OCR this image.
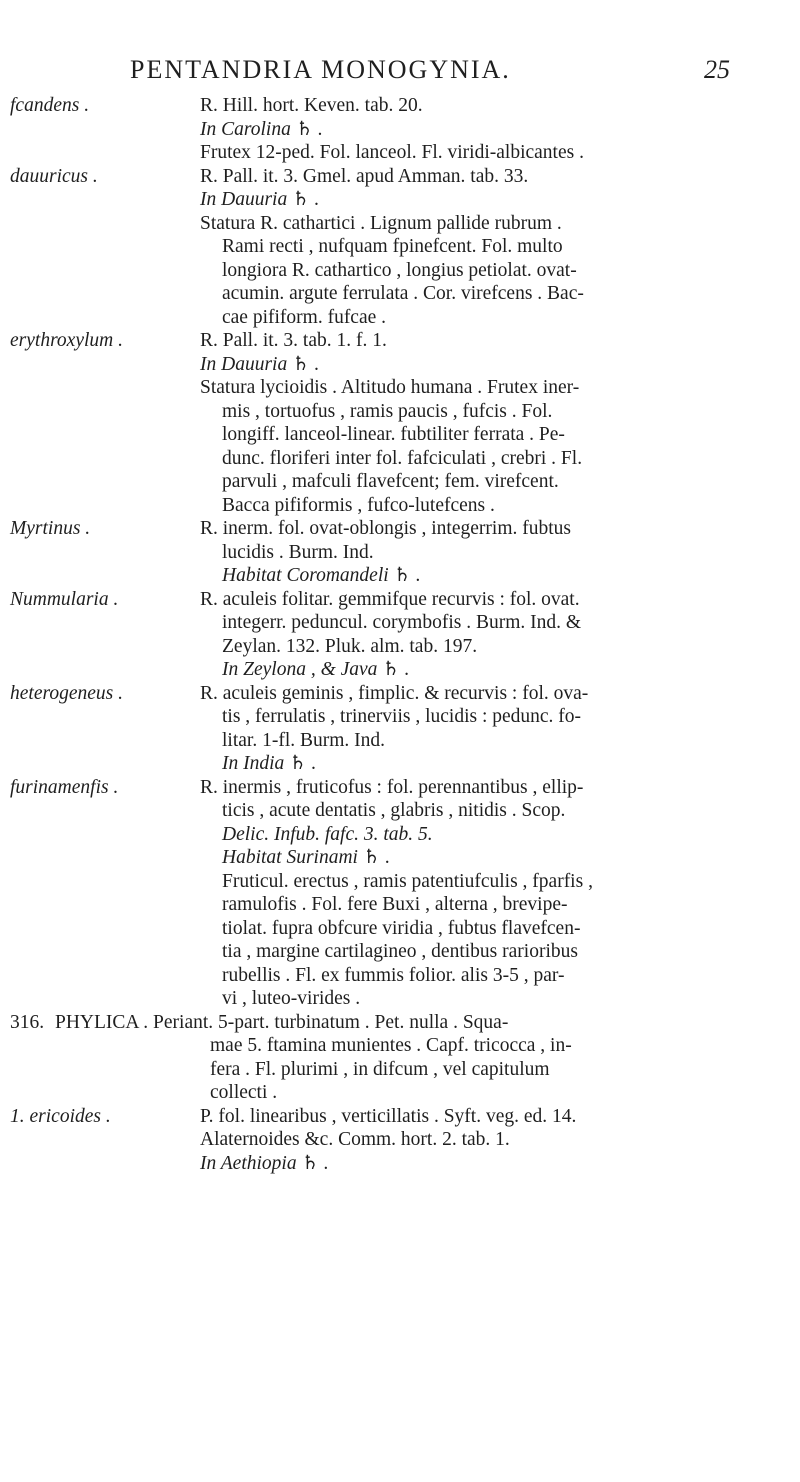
PENTANDRIA MONOGYNIA.	25
fcandens .	R. Hill. hort. Keven. tab. 20.
In Carolina ♄ .
Frutex 12-ped. Fol. lanceol. Fl. viridi-albicantes .
dauuricus .	R. Pall. it. 3. Gmel. apud Amman. tab. 33.
In Dauuria ♄ .
Statura R. cathartici . Lignum pallide rubrum .
Rami recti , nufquam fpinefcent. Fol. multo
longiora R. cathartico , longius petiolat. ovat-
acumin. argute ferrulata . Cor. virefcens . Bac-
cae pifiform. fufcae .
erythroxylum .	R. Pall. it. 3. tab. 1. f. 1.
In Dauuria ♄ .
Statura lycioidis . Altitudo humana . Frutex iner-
mis , tortuofus , ramis paucis , fufcis . Fol.
longiff. lanceol-linear. fubtiliter ferrata . Pe-
dunc. floriferi inter fol. fafciculati , crebri . Fl.
parvuli , mafculi flavefcent; fem. virefcent.
Bacca pififormis , fufco-lutefcens .
Myrtinus .	R. inerm. fol. ovat-oblongis , integerrim. fubtus
lucidis . Burm. Ind.
Habitat Coromandeli ♄ .
Nummularia .	R. aculeis folitar. gemmifque recurvis : fol. ovat.
integerr. peduncul. corymbofis . Burm. Ind. &
Zeylan. 132. Pluk. alm. tab. 197.
In Zeylona , & Java ♄ .
heterogeneus .	R. aculeis geminis , fimplic. & recurvis : fol. ova-
tis , ferrulatis , trinerviis , lucidis : pedunc. fo-
litar. 1-fl. Burm. Ind.
In India ♄ .
furinamenfis .	R. inermis , fruticofus : fol. perennantibus , ellip-
ticis , acute dentatis , glabris , nitidis . Scop.
Delic. Infub. fafc. 3. tab. 5.
Habitat Surinami ♄ .
Fruticul. erectus , ramis patentiufculis , fparfis ,
ramulofis . Fol. fere Buxi , alterna , brevipe-
tiolat. fupra obfcure viridia , fubtus flavefcen-
tia , margine cartilagineo , dentibus rarioribus
rubellis . Fl. ex fummis folior. alis 3-5 , par-
vi , luteo-virides .
316. PHYLICA . Periant. 5-part. turbinatum . Pet. nulla . Squa-
mae 5. ftamina munientes . Capf. tricocca , in-
fera . Fl. plurimi , in difcum , vel capitulum
collecti .
1. ericoides .	P. fol. linearibus , verticillatis . Syft. veg. ed. 14.
Alaternoides &c. Comm. hort. 2. tab. 1.
In Aethiopia ♄ .
